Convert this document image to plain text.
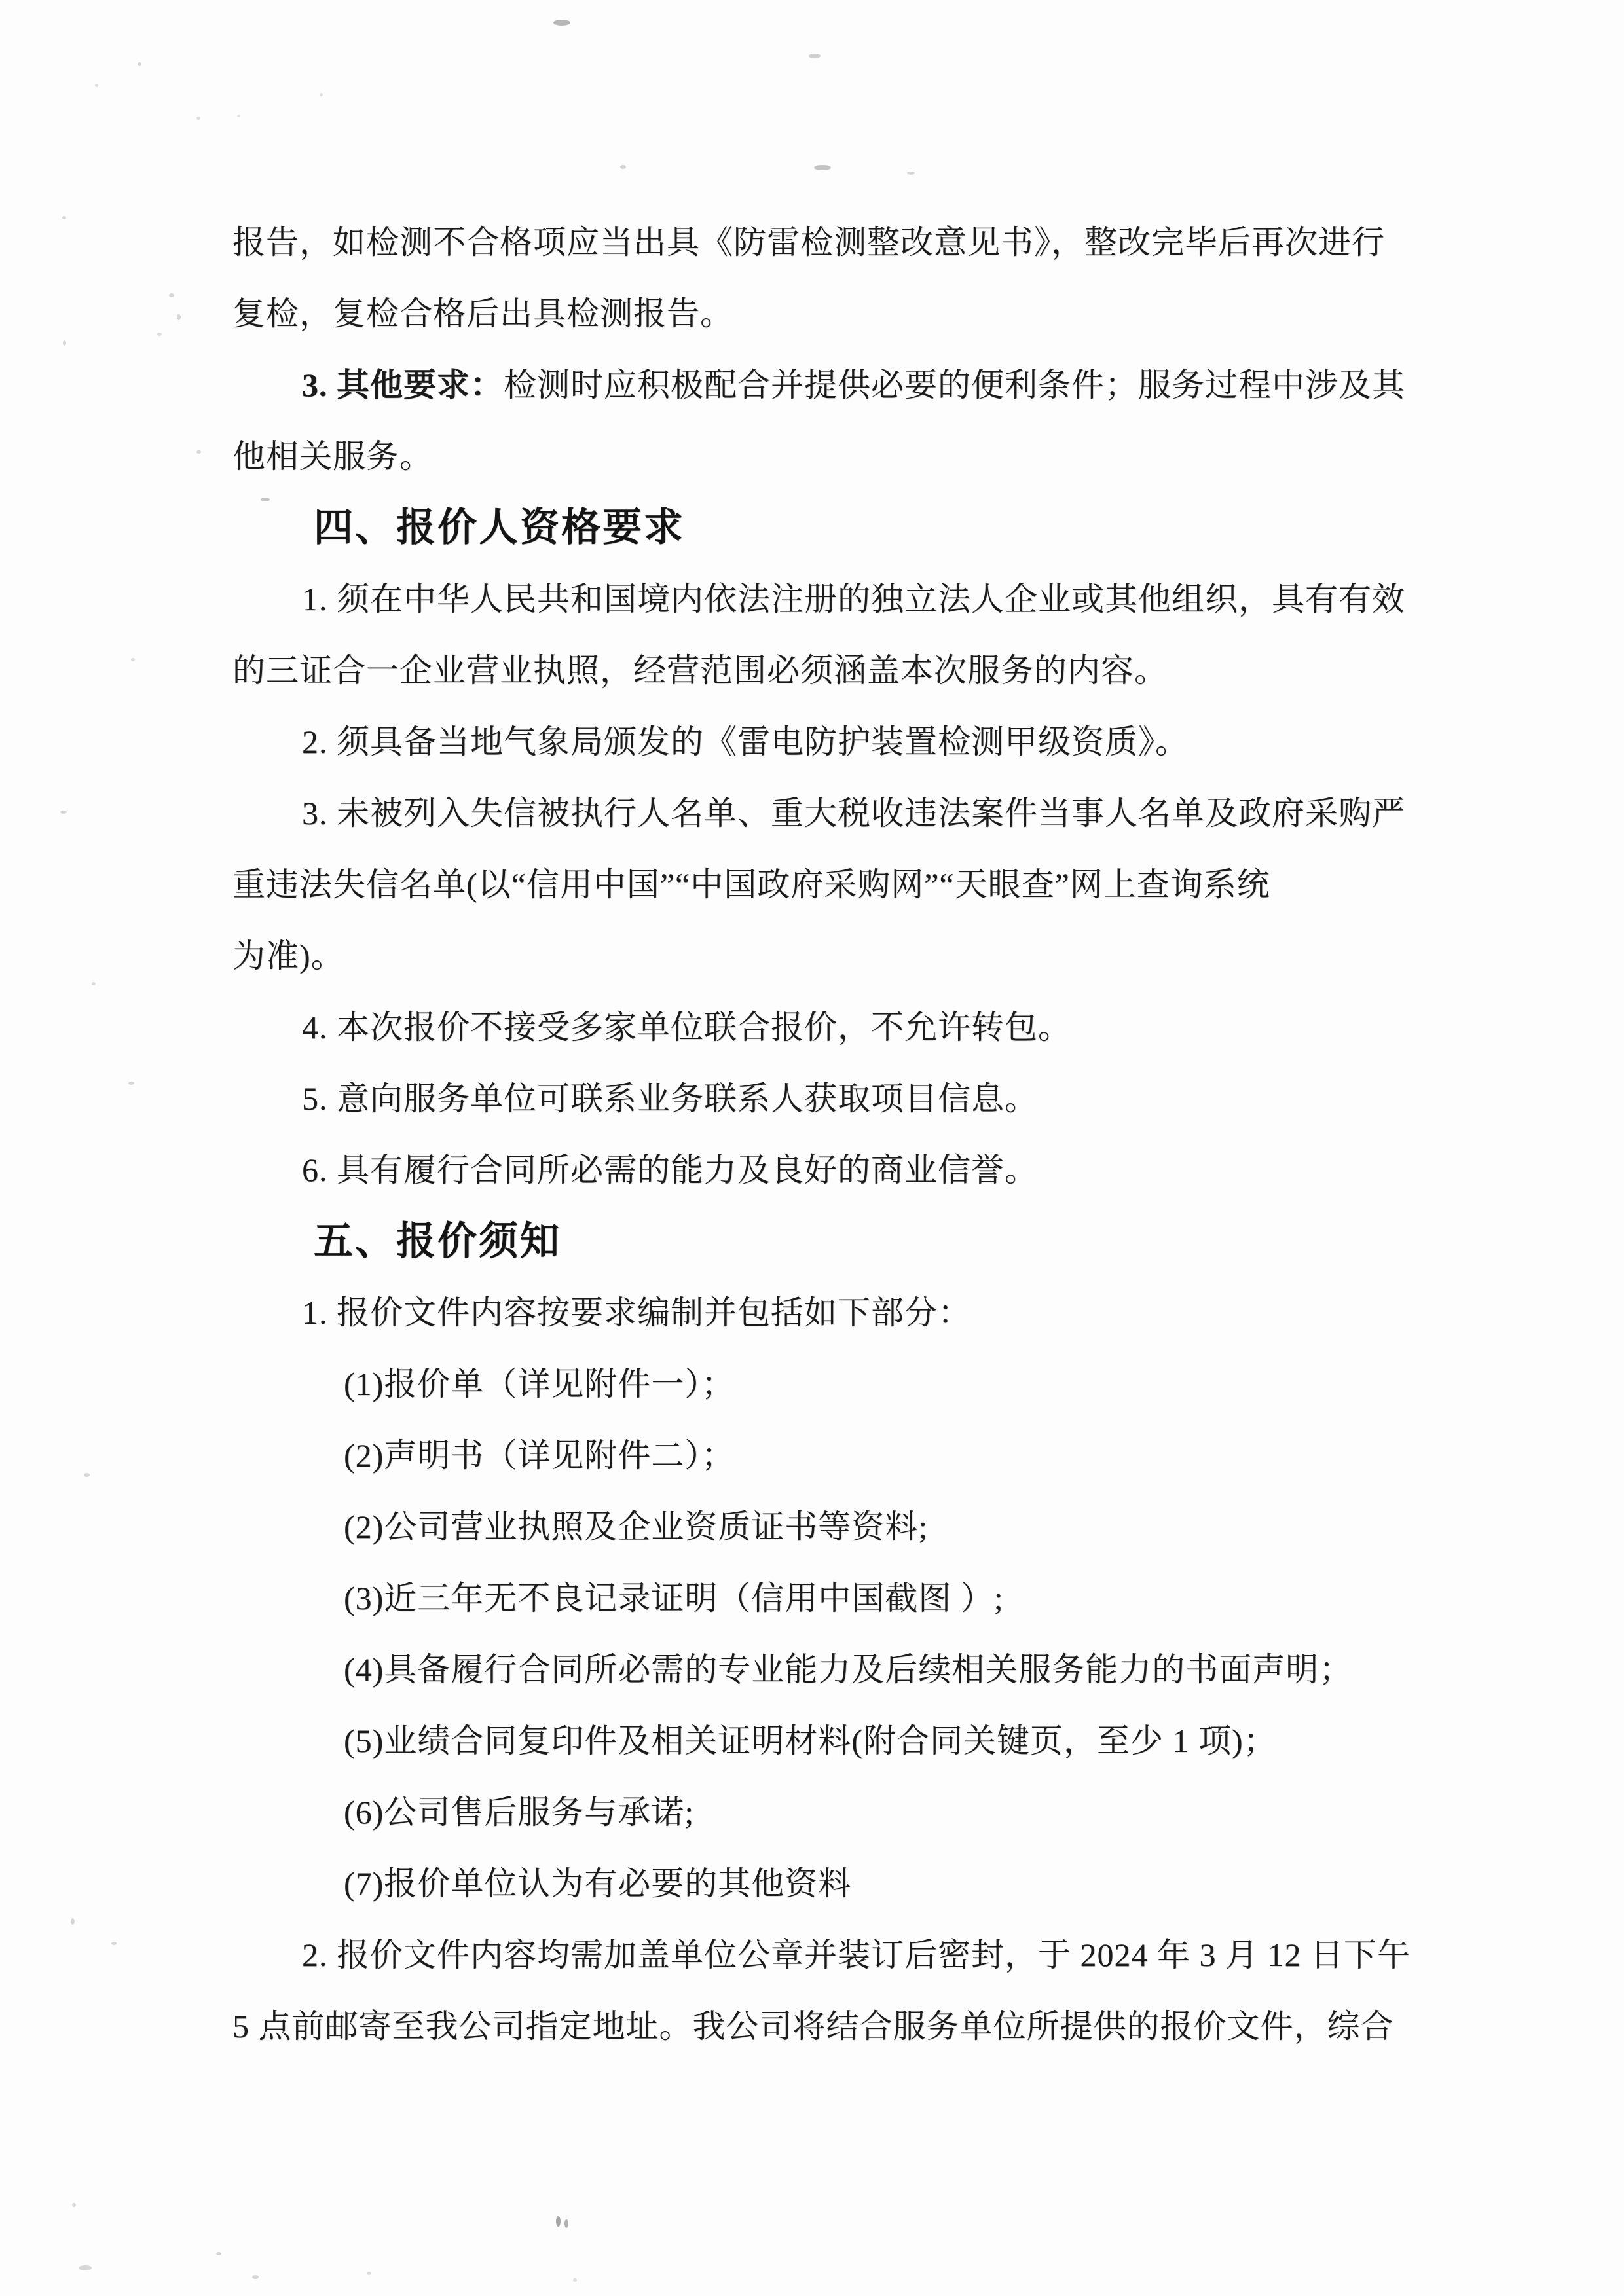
报告，如检测不合格项应当出具《防雷检测整改意见书》，整改完毕后再次进行
复检，复检合格后出具检测报告。
3. 其他要求：检测时应积极配合并提供必要的便利条件；服务过程中涉及其
他相关服务。
四、报价人资格要求
1. 须在中华人民共和国境内依法注册的独立法人企业或其他组织，具有有效
的三证合一企业营业执照，经营范围必须涵盖本次服务的内容。
2. 须具备当地气象局颁发的《雷电防护装置检测甲级资质》。
3. 未被列入失信被执行人名单、重大税收违法案件当事人名单及政府采购严
重违法失信名单(以“信用中国”“中国政府采购网”“天眼查”网上查询系统
为准)。
4. 本次报价不接受多家单位联合报价，不允许转包。
5. 意向服务单位可联系业务联系人获取项目信息。
6. 具有履行合同所必需的能力及良好的商业信誉。
五、报价须知
1. 报价文件内容按要求编制并包括如下部分：
(1)报价单（详见附件一）；
(2)声明书（详见附件二）；
(2)公司营业执照及企业资质证书等资料;
(3)近三年无不良记录证明（信用中国截图 ）;
(4)具备履行合同所必需的专业能力及后续相关服务能力的书面声明；
(5)业绩合同复印件及相关证明材料(附合同关键页，至少 1 项)；
(6)公司售后服务与承诺;
(7)报价单位认为有必要的其他资料
2. 报价文件内容均需加盖单位公章并装订后密封，于 2024 年 3 月 12 日下午
5 点前邮寄至我公司指定地址。我公司将结合服务单位所提供的报价文件，综合
